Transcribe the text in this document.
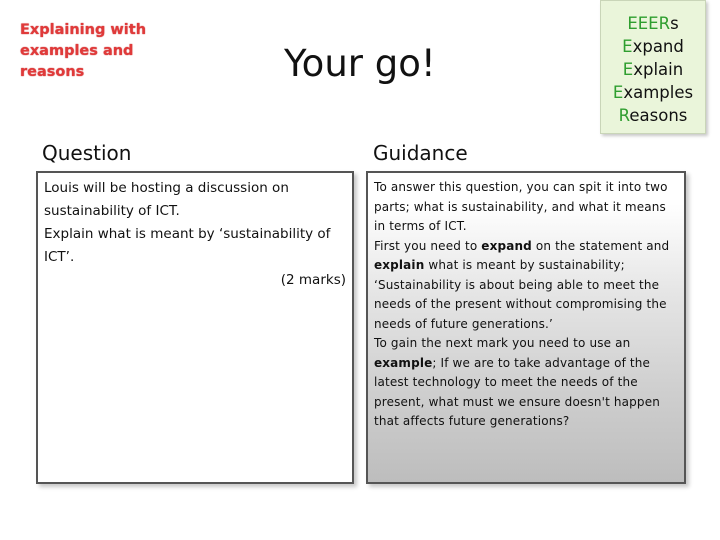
Explaining with examples and reasons	Your go!
EEERs
Expand
Explain
Examples
Reasons
Question	Guidance

Louis will be hosting a discussion on sustainability of ICT.

Explain what is meant by ‘sustainability of ICT’.

(2 marks)

To answer this question, you can spit it into two parts; what is sustainability, and what it means in terms of ICT.

First you need to expand on the statement and explain what is meant by sustainability; ‘Sustainability is about being able to meet the needs of the present without compromising the needs of future generations.’

To gain the next mark you need to use an example; If we are to take advantage of the latest technology to meet the needs of the present, what must we ensure doesn't happen that affects future generations?
